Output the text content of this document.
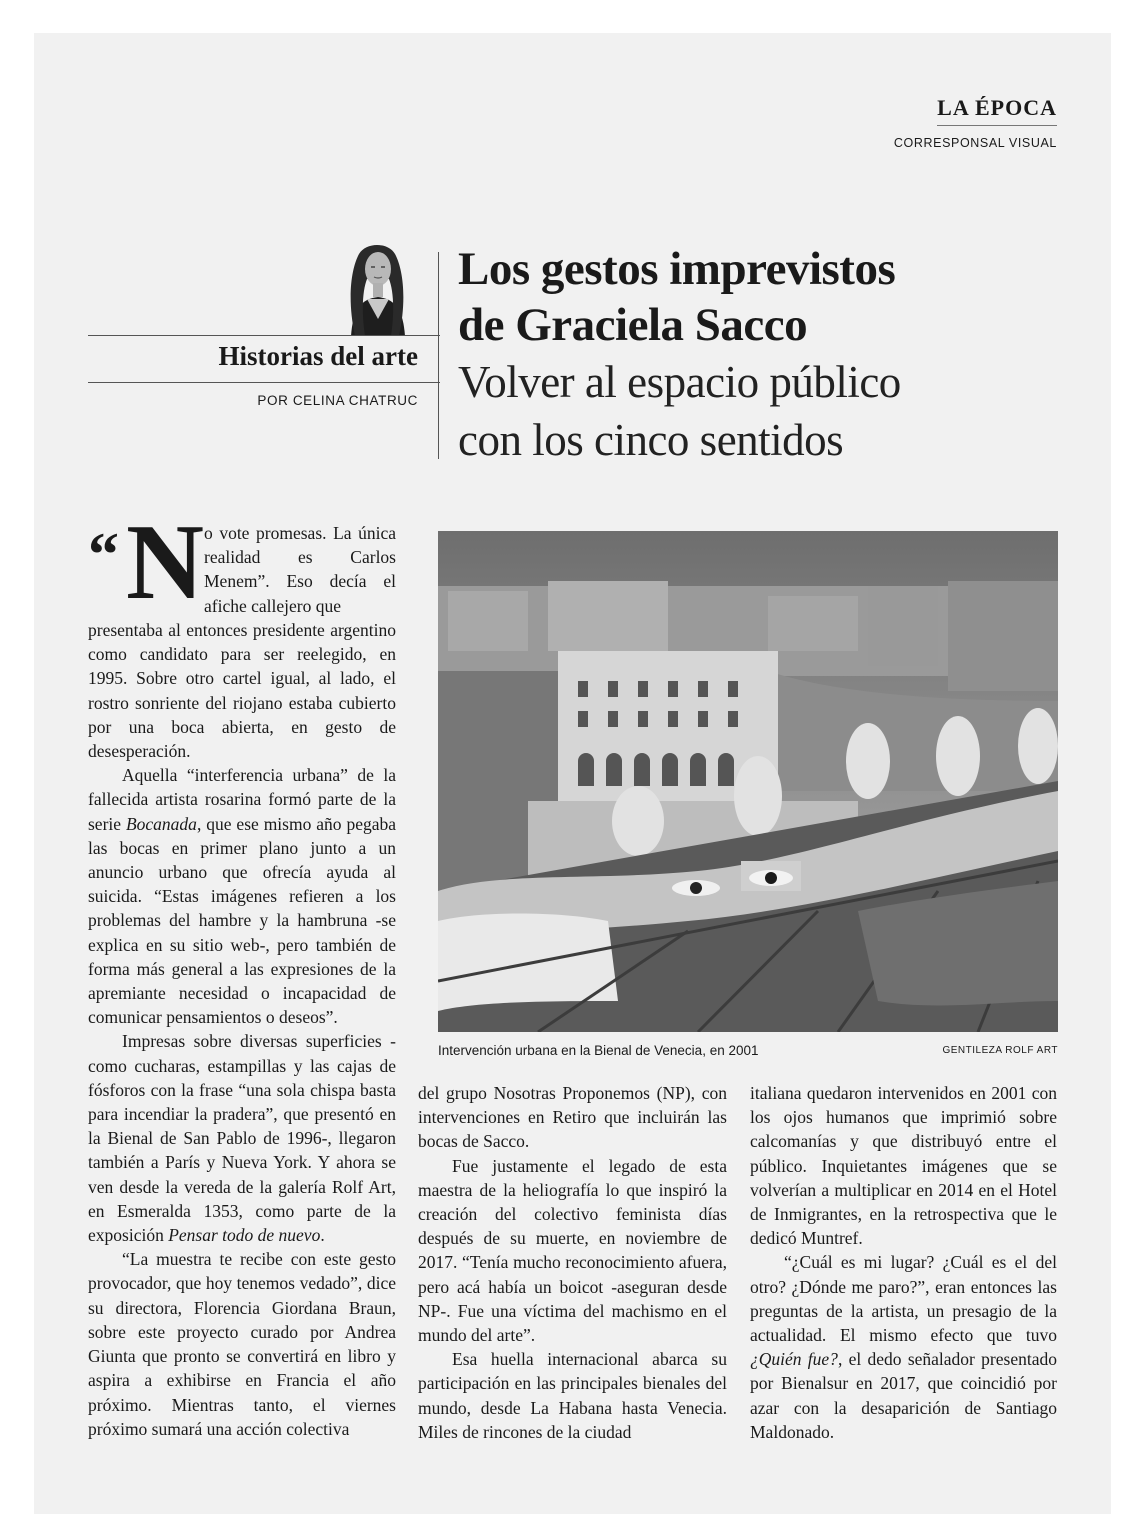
LA ÉPOCA
CORRESPONSAL VISUAL
Historias del arte
POR CELINA CHATRUC
Los gestos imprevistos
de Graciela Sacco
Volver al espacio público
con los cinco sentidos
“ N o vote promesas. La única realidad es Carlos Menem”. Eso decía el afiche callejero que

presentaba al entonces presidente argentino como candidato para ser reelegido, en 1995. Sobre otro cartel igual, al lado, el rostro sonriente del riojano estaba cubierto por una boca abierta, en gesto de desesperación.

Aquella “interferencia urbana” de la fallecida artista rosarina formó parte de la serie Bocanada, que ese mismo año pegaba las bocas en primer plano junto a un anuncio urbano que ofrecía ayuda al suicida. “Estas imágenes refieren a los problemas del hambre y la hambruna -se explica en su sitio web-, pero también de forma más general a las expresiones de la apremiante necesidad o incapacidad de comunicar pensamientos o deseos”.

Impresas sobre diversas superficies -como cucharas, estampillas y las cajas de fósforos con la frase “una sola chispa basta para incendiar la pradera”, que presentó en la Bienal de San Pablo de 1996-, llegaron también a París y Nueva York. Y ahora se ven desde la vereda de la galería Rolf Art, en Esmeralda 1353, como parte de la exposición Pensar todo de nuevo.

“La muestra te recibe con este gesto provocador, que hoy tenemos vedado”, dice su directora, Florencia Giordana Braun, sobre este proyecto curado por Andrea Giunta que pronto se convertirá en libro y aspira a exhibirse en Francia el año próximo. Mientras tanto, el viernes próximo sumará una acción colectiva

Intervención urbana en la Bienal de Venecia, en 2001	GENTILEZA ROLF ART

del grupo Nosotras Proponemos (NP), con intervenciones en Retiro que incluirán las bocas de Sacco.

Fue justamente el legado de esta maestra de la heliografía lo que inspiró la creación del colectivo feminista días después de su muerte, en noviembre de 2017. “Tenía mucho reconocimiento afuera, pero acá había un boicot -aseguran desde NP-. Fue una víctima del machismo en el mundo del arte”.

Esa huella internacional abarca su participación en las principales bienales del mundo, desde La Habana hasta Venecia. Miles de rincones de la ciudad

italiana quedaron intervenidos en 2001 con los ojos humanos que imprimió sobre calcomanías y que distribuyó entre el público. Inquietantes imágenes que se volverían a multiplicar en 2014 en el Hotel de Inmigrantes, en la retrospectiva que le dedicó Muntref.

“¿Cuál es mi lugar? ¿Cuál es el del otro? ¿Dónde me paro?”, eran entonces las preguntas de la artista, un presagio de la actualidad. El mismo efecto que tuvo ¿Quién fue?, el dedo señalador presentado por Bienalsur en 2017, que coincidió por azar con la desaparición de Santiago Maldonado.
